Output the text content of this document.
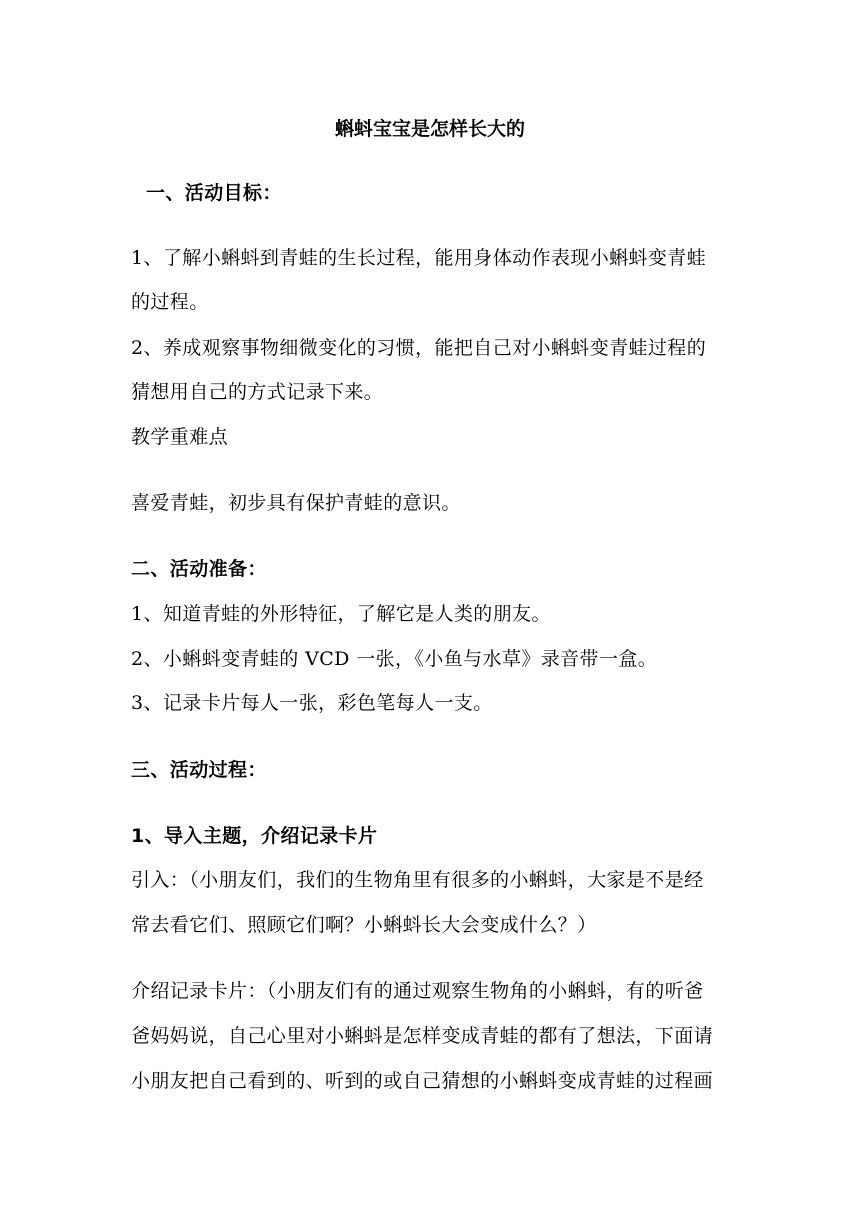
蝌蚪宝宝是怎样长大的
一、活动目标：
1、了解小蝌蚪到青蛙的生长过程，能用身体动作表现小蝌蚪变青蛙
的过程。
2、养成观察事物细微变化的习惯，能把自己对小蝌蚪变青蛙过程的
猜想用自己的方式记录下来。
教学重难点
喜爱青蛙，初步具有保护青蛙的意识。
二、活动准备：
1、知道青蛙的外形特征，了解它是人类的朋友。
2、小蝌蚪变青蛙的 VCD 一张，《小鱼与水草》录音带一盒。
3、记录卡片每人一张，彩色笔每人一支。
三、活动过程：
1、导入主题，介绍记录卡片
引入：（小朋友们，我们的生物角里有很多的小蝌蚪，大家是不是经
常去看它们、照顾它们啊？小蝌蚪长大会变成什么？）
介绍记录卡片：（小朋友们有的通过观察生物角的小蝌蚪，有的听爸
爸妈妈说，自己心里对小蝌蚪是怎样变成青蛙的都有了想法，下面请
小朋友把自己看到的、听到的或自己猜想的小蝌蚪变成青蛙的过程画
